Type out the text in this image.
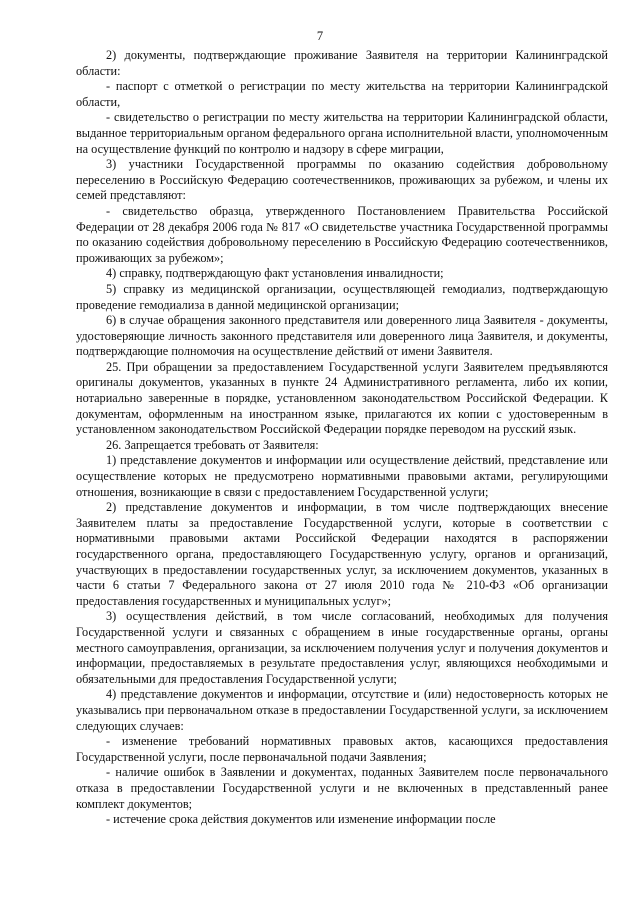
7

2) документы, подтверждающие проживание Заявителя на территории Калининградской области:

- паспорт с отметкой о регистрации по месту жительства на территории Калининградской области,

- свидетельство о регистрации по месту жительства на территории Калининградской области, выданное территориальным органом федерального органа исполнительной власти, уполномоченным на осуществление функций по контролю и надзору в сфере миграции,

3) участники Государственной программы по оказанию содействия добровольному переселению в Российскую Федерацию соотечественников, проживающих за рубежом, и члены их семей представляют:

- свидетельство образца, утвержденного Постановлением Правительства Российской Федерации от 28 декабря 2006 года № 817 «О свидетельстве участника Государственной программы по оказанию содействия добровольному переселению в Российскую Федерацию соотечественников, проживающих за рубежом»;

4) справку, подтверждающую факт установления инвалидности;

5) справку из медицинской организации, осуществляющей гемодиализ, подтверждающую проведение гемодиализа в данной медицинской организации;

6) в случае обращения законного представителя или доверенного лица Заявителя - документы, удостоверяющие личность законного представителя или доверенного лица Заявителя, и документы, подтверждающие полномочия на осуществление действий от имени Заявителя.

25. При обращении за предоставлением Государственной услуги Заявителем предъявляются оригиналы документов, указанных в пункте 24 Административного регламента, либо их копии, нотариально заверенные в порядке, установленном законодательством Российской Федерации. К документам, оформленным на иностранном языке, прилагаются их копии с удостоверенным в установленном законодательством Российской Федерации порядке переводом на русский язык.

26. Запрещается требовать от Заявителя:

1) представление документов и информации или осуществление действий, представление или осуществление которых не предусмотрено нормативными правовыми актами, регулирующими отношения, возникающие в связи с предоставлением Государственной услуги;

2) представление документов и информации, в том числе подтверждающих внесение Заявителем платы за предоставление Государственной услуги, которые в соответствии с нормативными правовыми актами Российской Федерации находятся в распоряжении государственного органа, предоставляющего Государственную услугу, органов и организаций, участвующих в предоставлении государственных услуг, за исключением документов, указанных в части 6 статьи 7 Федерального закона от 27 июля 2010 года № 210-ФЗ «Об организации предоставления государственных и муниципальных услуг»;

3) осуществления действий, в том числе согласований, необходимых для получения Государственной услуги и связанных с обращением в иные государственные органы, органы местного самоуправления, организации, за исключением получения услуг и получения документов и информации, предоставляемых в результате предоставления услуг, являющихся необходимыми и обязательными для предоставления Государственной услуги;

4) представление документов и информации, отсутствие и (или) недостоверность которых не указывались при первоначальном отказе в предоставлении Государственной услуги, за исключением следующих случаев:

- изменение требований нормативных правовых актов, касающихся предоставления Государственной услуги, после первоначальной подачи Заявления;

- наличие ошибок в Заявлении и документах, поданных Заявителем после первоначального отказа в предоставлении Государственной услуги и не включенных в представленный ранее комплект документов;

- истечение срока действия документов или изменение информации после
